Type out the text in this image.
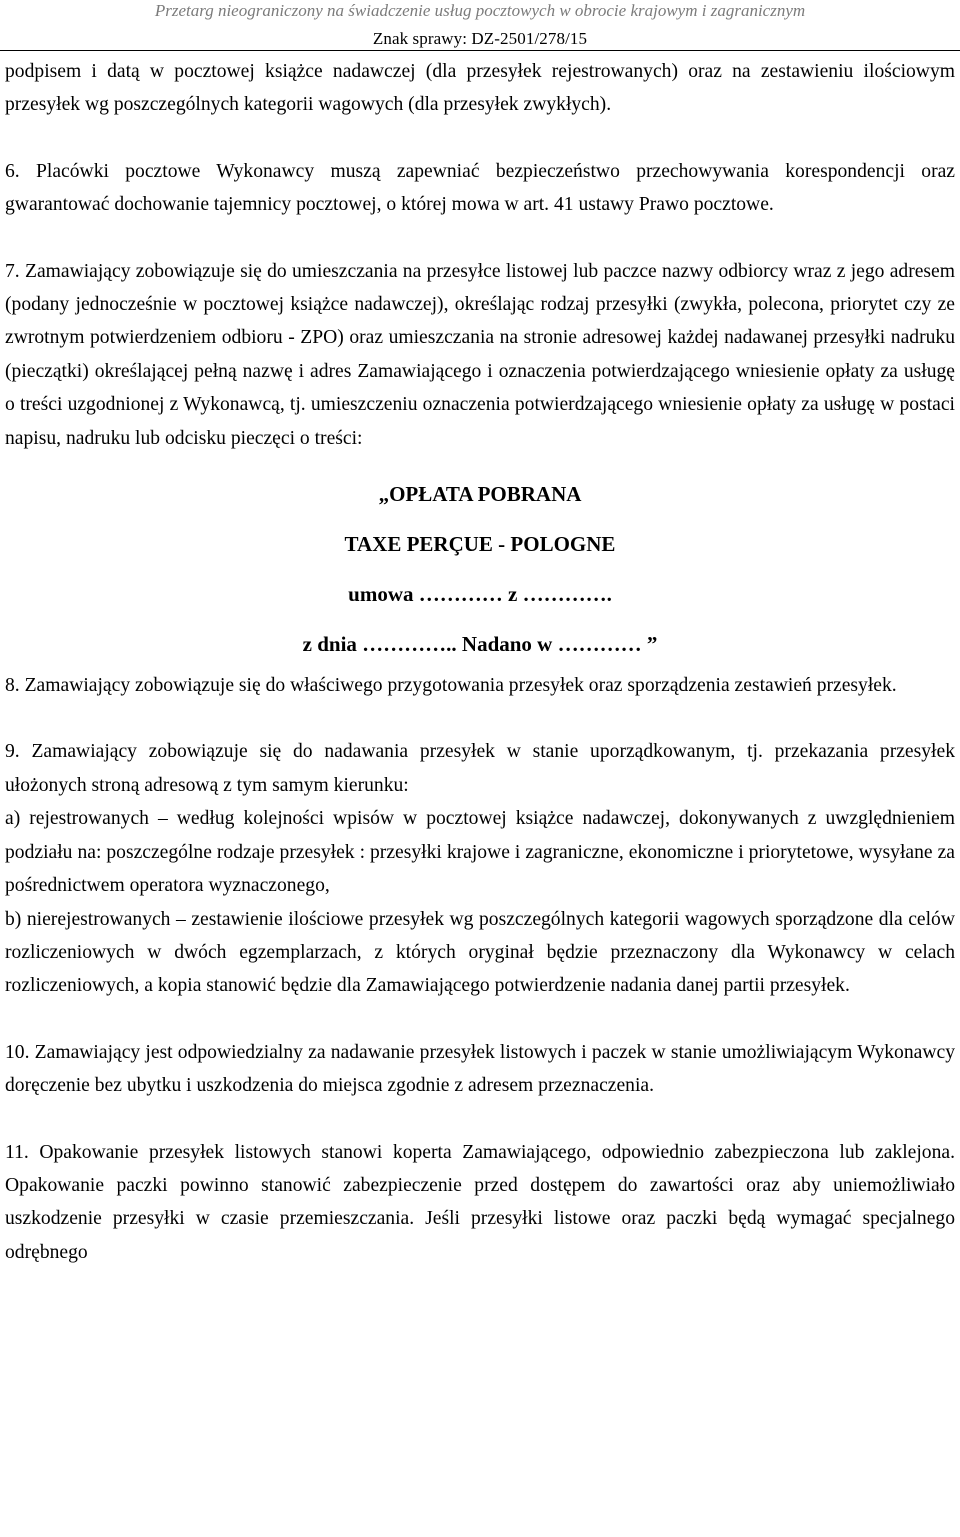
Przetarg nieograniczony na świadczenie usług pocztowych w obrocie krajowym i zagranicznym
Znak sprawy: DZ-2501/278/15

podpisem i datą w pocztowej książce nadawczej (dla przesyłek rejestrowanych) oraz na zestawieniu ilościowym przesyłek wg poszczególnych kategorii wagowych (dla przesyłek zwykłych).

6. Placówki pocztowe Wykonawcy muszą zapewniać bezpieczeństwo przechowywania korespondencji oraz gwarantować dochowanie tajemnicy pocztowej, o której mowa w art. 41 ustawy Prawo pocztowe.

7. Zamawiający zobowiązuje się do umieszczania na przesyłce listowej lub paczce nazwy odbiorcy wraz z jego adresem (podany jednocześnie w pocztowej książce nadawczej), określając rodzaj przesyłki (zwykła, polecona, priorytet czy ze zwrotnym potwierdzeniem odbioru - ZPO) oraz umieszczania na stronie adresowej każdej nadawanej przesyłki nadruku (pieczątki) określającej pełną nazwę i adres Zamawiającego i oznaczenia potwierdzającego wniesienie opłaty za usługę o treści uzgodnionej z Wykonawcą, tj. umieszczeniu oznaczenia potwierdzającego wniesienie opłaty za usługę w postaci napisu, nadruku lub odcisku pieczęci o treści:

„OPŁATA POBRANA
TAXE PERÇUE - POLOGNE
umowa ………… z ………….
z dnia ………….. Nadano w ………… ”

8. Zamawiający zobowiązuje się do właściwego przygotowania przesyłek oraz sporządzenia zestawień przesyłek.

9. Zamawiający zobowiązuje się do nadawania przesyłek w stanie uporządkowanym, tj. przekazania przesyłek ułożonych stroną adresową z tym samym kierunku:

a) rejestrowanych – według kolejności wpisów w pocztowej książce nadawczej, dokonywanych z uwzględnieniem podziału na: poszczególne rodzaje przesyłek : przesyłki krajowe i zagraniczne, ekonomiczne i priorytetowe, wysyłane za pośrednictwem operatora wyznaczonego,

b) nierejestrowanych – zestawienie ilościowe przesyłek wg poszczególnych kategorii wagowych sporządzone dla celów rozliczeniowych w dwóch egzemplarzach, z których oryginał będzie przeznaczony dla Wykonawcy w celach rozliczeniowych, a kopia stanowić będzie dla Zamawiającego potwierdzenie nadania danej partii przesyłek.

10. Zamawiający jest odpowiedzialny za nadawanie przesyłek listowych i paczek w stanie umożliwiającym Wykonawcy doręczenie bez ubytku i uszkodzenia do miejsca zgodnie z adresem przeznaczenia.

11. Opakowanie przesyłek listowych stanowi koperta Zamawiającego, odpowiednio zabezpieczona lub zaklejona. Opakowanie paczki powinno stanowić zabezpieczenie przed dostępem do zawartości oraz aby uniemożliwiało uszkodzenie przesyłki w czasie przemieszczania. Jeśli przesyłki listowe oraz paczki będą wymagać specjalnego odrębnego
